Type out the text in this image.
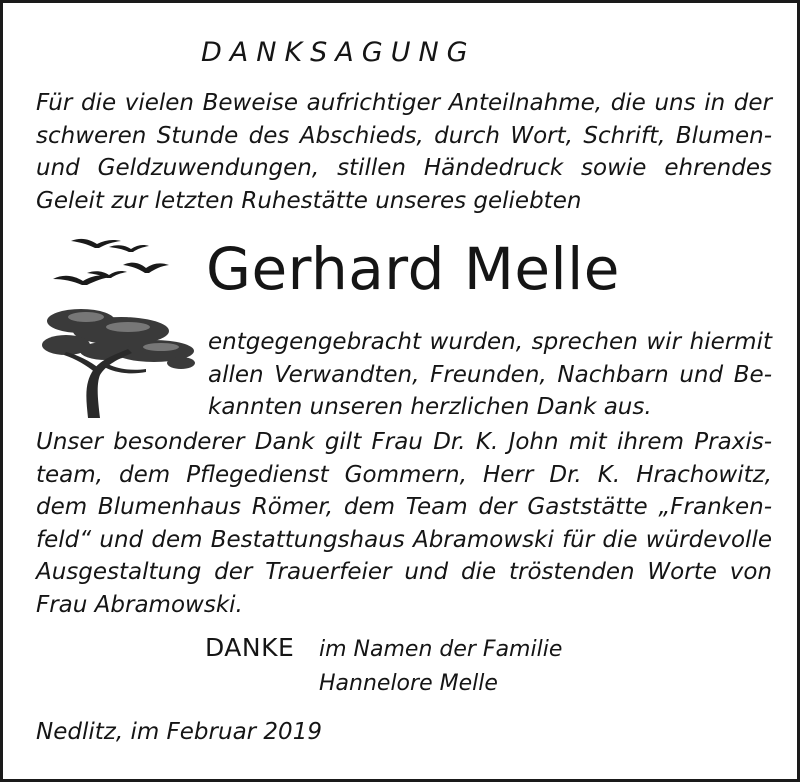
DANKSAGUNG
Für die vielen Beweise aufrichtiger Anteilnahme, die uns in der
schweren Stunde des Abschieds, durch Wort, Schrift, Blumen-
und Geldzuwendungen, stillen Händedruck sowie ehrendes
Geleit zur letzten Ruhestätte unseres geliebten
Gerhard Melle
entgegengebracht wurden, sprechen wir hiermit
allen Verwandten, Freunden, Nachbarn und Be-
kannten unseren herzlichen Dank aus.
Unser besonderer Dank gilt Frau Dr. K. John mit ihrem Praxis-
team, dem Pflegedienst Gommern, Herr Dr. K. Hrachowitz,
dem Blumenhaus Römer, dem Team der Gaststätte „Franken-
feld“ und dem Bestattungshaus Abramowski für die würdevolle
Ausgestaltung der Trauerfeier und die tröstenden Worte von
Frau Abramowski.
DANKE im Namen der Familie
Hannelore Melle
Nedlitz, im Februar 2019
